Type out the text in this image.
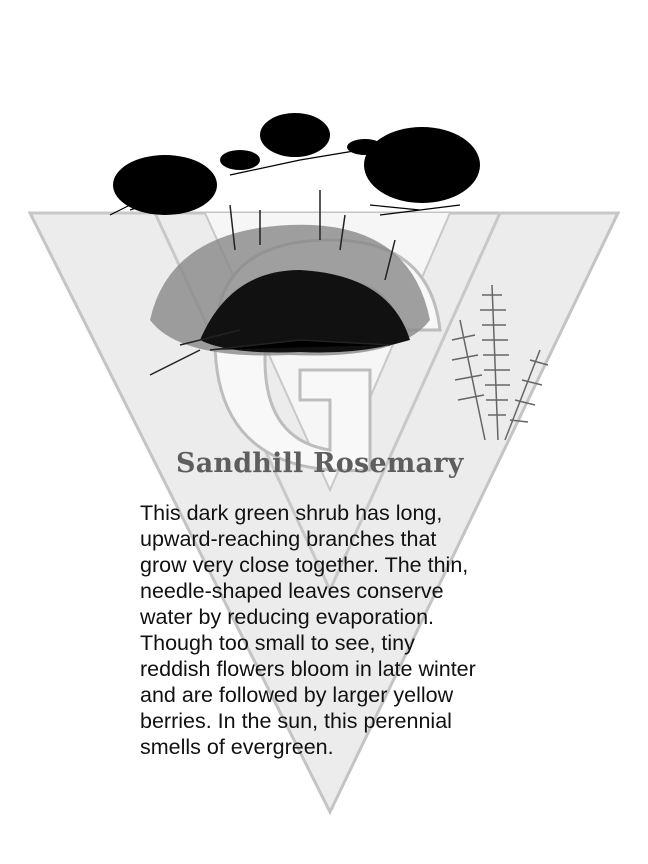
Sandhill Rosemary
This dark green shrub has long,
upward-reaching branches that
grow very close together. The thin,
needle-shaped leaves conserve
water by reducing evaporation.
Though too small to see, tiny
reddish flowers bloom in late winter
and are followed by larger yellow
berries. In the sun, this perennial
smells of evergreen.
